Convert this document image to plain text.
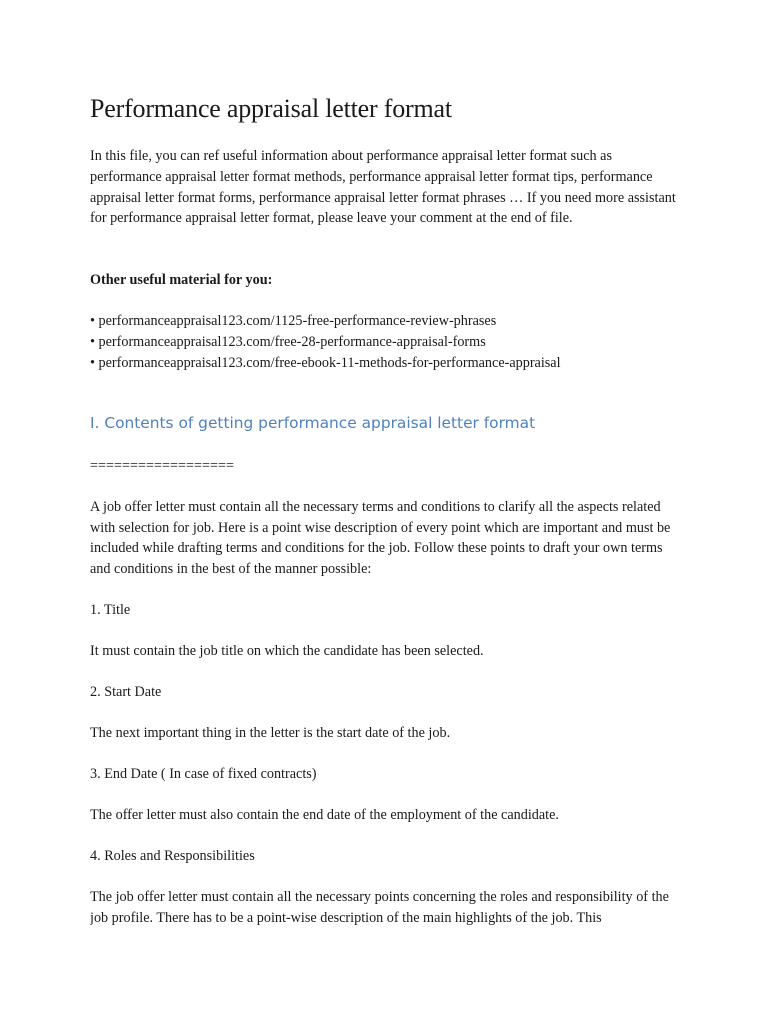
Performance appraisal letter format

In this file, you can ref useful information about performance appraisal letter format such as performance appraisal letter format methods, performance appraisal letter format tips, performance appraisal letter format forms, performance appraisal letter format phrases … If you need more assistant for performance appraisal letter format, please leave your comment at the end of file.

Other useful material for you:

• performanceappraisal123.com/1125-free-performance-review-phrases
• performanceappraisal123.com/free-28-performance-appraisal-forms
• performanceappraisal123.com/free-ebook-11-methods-for-performance-appraisal
I. Contents of getting performance appraisal letter format

==================

A job offer letter must contain all the necessary terms and conditions to clarify all the aspects related with selection for job. Here is a point wise description of every point which are important and must be included while drafting terms and conditions for the job. Follow these points to draft your own terms and conditions in the best of the manner possible:

1. Title

It must contain the job title on which the candidate has been selected.

2. Start Date

The next important thing in the letter is the start date of the job.

3. End Date ( In case of fixed contracts)

The offer letter must also contain the end date of the employment of the candidate.

4. Roles and Responsibilities

The job offer letter must contain all the necessary points concerning the roles and responsibility of the job profile. There has to be a point-wise description of the main highlights of the job. This
